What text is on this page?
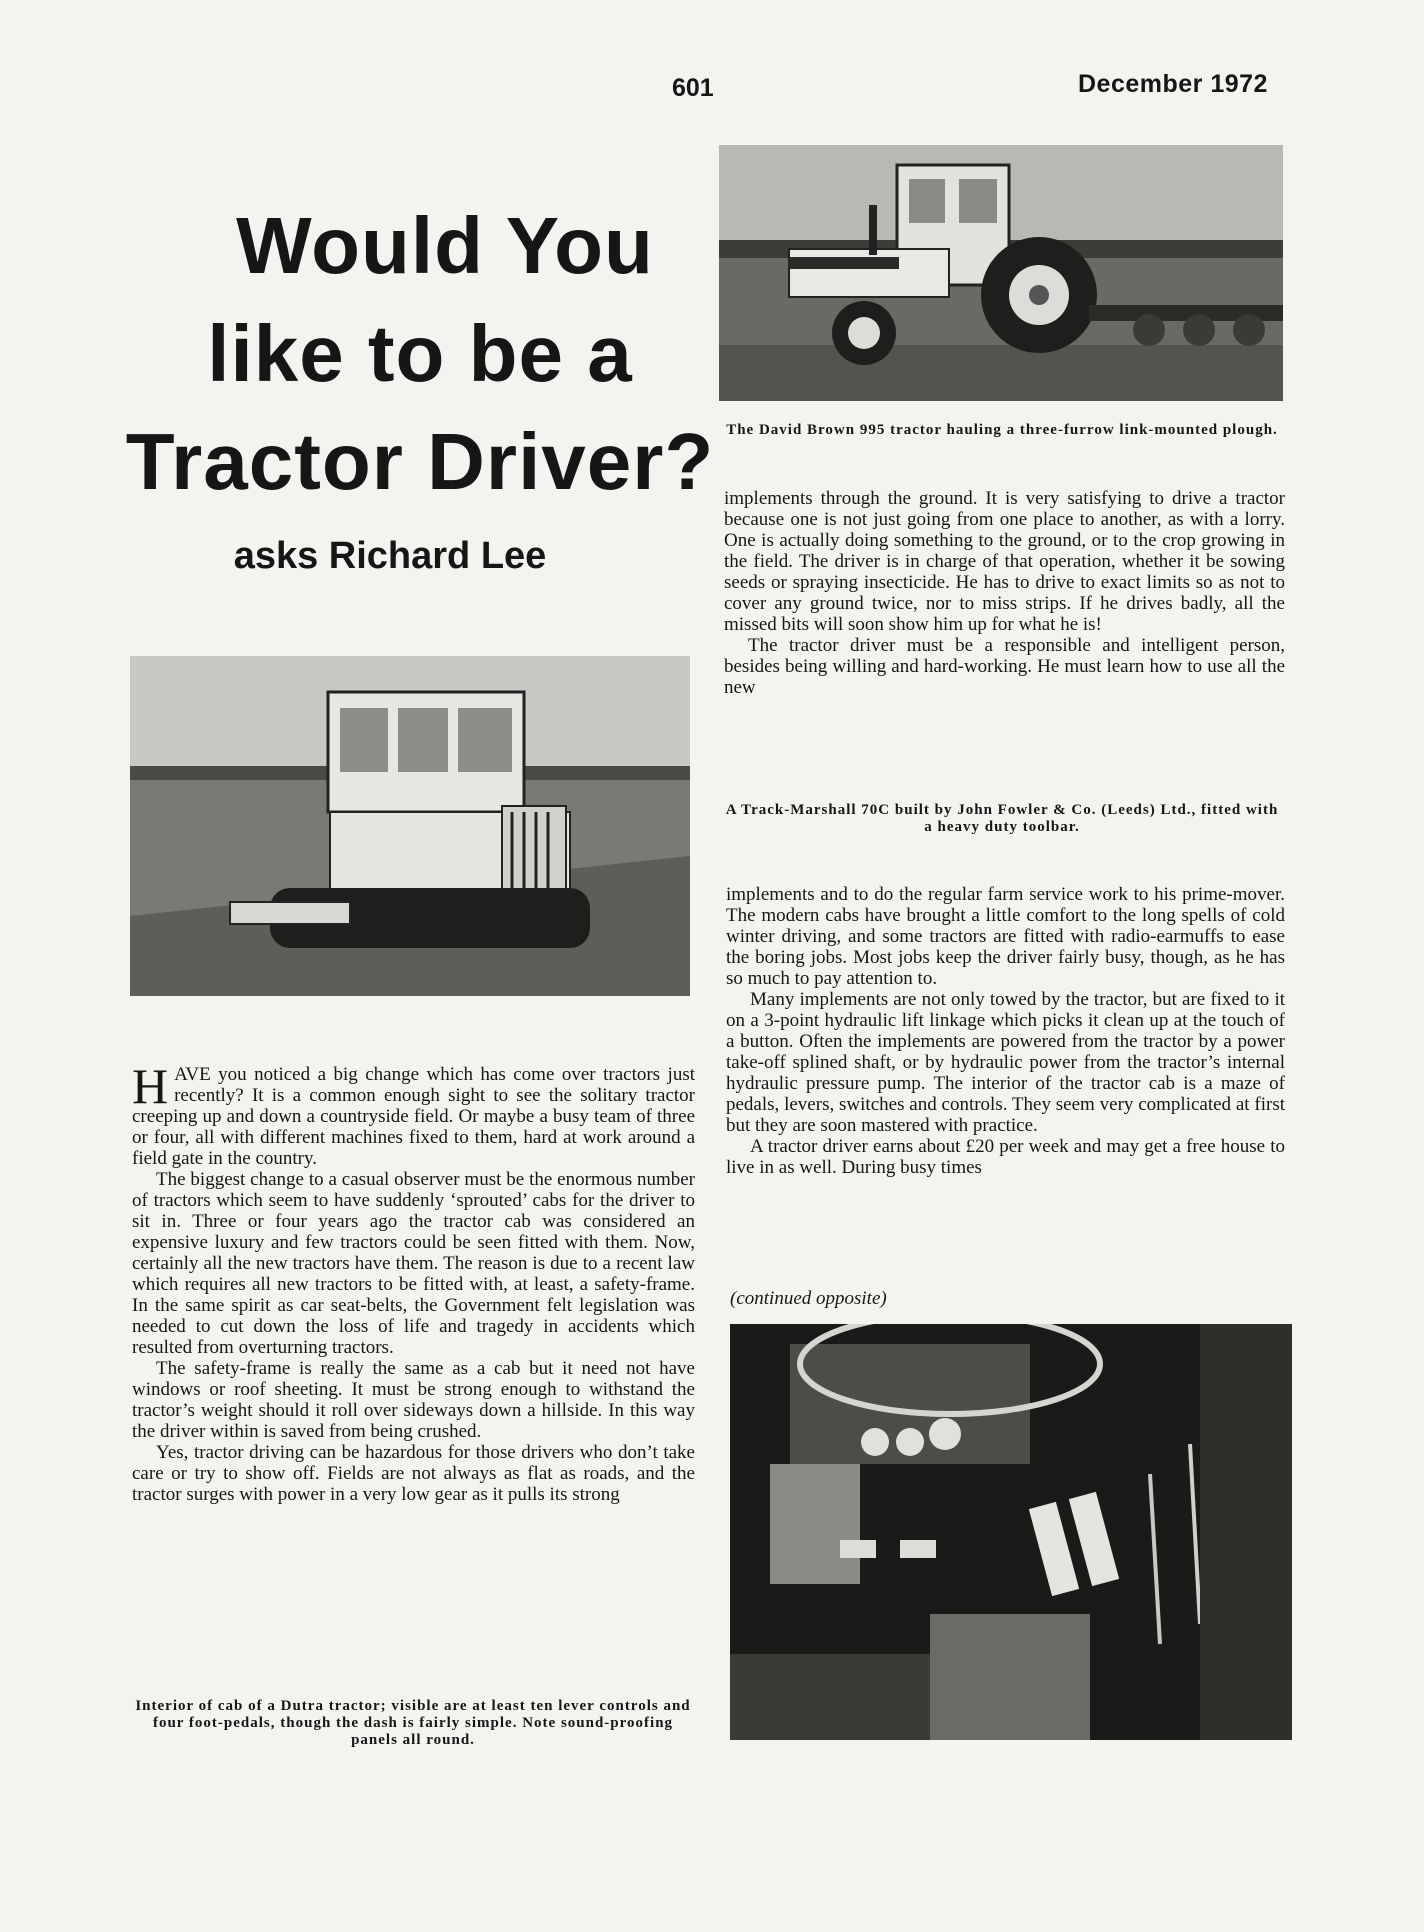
601	December 1972
Would You
like to be a
Tractor Driver?
asks Richard Lee
The David Brown 995 tractor hauling a three-furrow link-mounted plough.

implements through the ground. It is very satisfying to drive a tractor because one is not just going from one place to another, as with a lorry. One is actually doing something to the ground, or to the crop growing in the field. The driver is in charge of that operation, whether it be sowing seeds or spraying insecticide. He has to drive to exact limits so as not to cover any ground twice, nor to miss strips. If he drives badly, all the missed bits will soon show him up for what he is!

The tractor driver must be a responsible and intelligent person, besides being willing and hard-working. He must learn how to use all the new

A Track-Marshall 70C built by John Fowler & Co. (Leeds) Ltd., fitted with a heavy duty toolbar.

implements and to do the regular farm service work to his prime-mover. The modern cabs have brought a little comfort to the long spells of cold winter driving, and some tractors are fitted with radio-earmuffs to ease the boring jobs. Most jobs keep the driver fairly busy, though, as he has so much to pay attention to.

Many implements are not only towed by the tractor, but are fixed to it on a 3-point hydraulic lift linkage which picks it clean up at the touch of a button. Often the implements are powered from the tractor by a power take-off splined shaft, or by hydraulic power from the tractor’s internal hydraulic pressure pump. The interior of the tractor cab is a maze of pedals, levers, switches and controls. They seem very complicated at first but they are soon mastered with practice.

A tractor driver earns about £20 per week and may get a free house to live in as well. During busy times

(continued opposite)

HAVE you noticed a big change which has come over tractors just recently? It is a common enough sight to see the solitary tractor creeping up and down a countryside field. Or maybe a busy team of three or four, all with different machines fixed to them, hard at work around a field gate in the country.

The biggest change to a casual observer must be the enormous number of tractors which seem to have suddenly ‘sprouted’ cabs for the driver to sit in. Three or four years ago the tractor cab was considered an expensive luxury and few tractors could be seen fitted with them. Now, certainly all the new tractors have them. The reason is due to a recent law which requires all new tractors to be fitted with, at least, a safety-frame. In the same spirit as car seat-belts, the Government felt legislation was needed to cut down the loss of life and tragedy in accidents which resulted from overturning tractors.

The safety-frame is really the same as a cab but it need not have windows or roof sheeting. It must be strong enough to withstand the tractor’s weight should it roll over sideways down a hillside. In this way the driver within is saved from being crushed.

Yes, tractor driving can be hazardous for those drivers who don’t take care or try to show off. Fields are not always as flat as roads, and the tractor surges with power in a very low gear as it pulls its strong

Interior of cab of a Dutra tractor; visible are at least ten lever controls and four foot-pedals, though the dash is fairly simple. Note sound-proofing panels all round.
